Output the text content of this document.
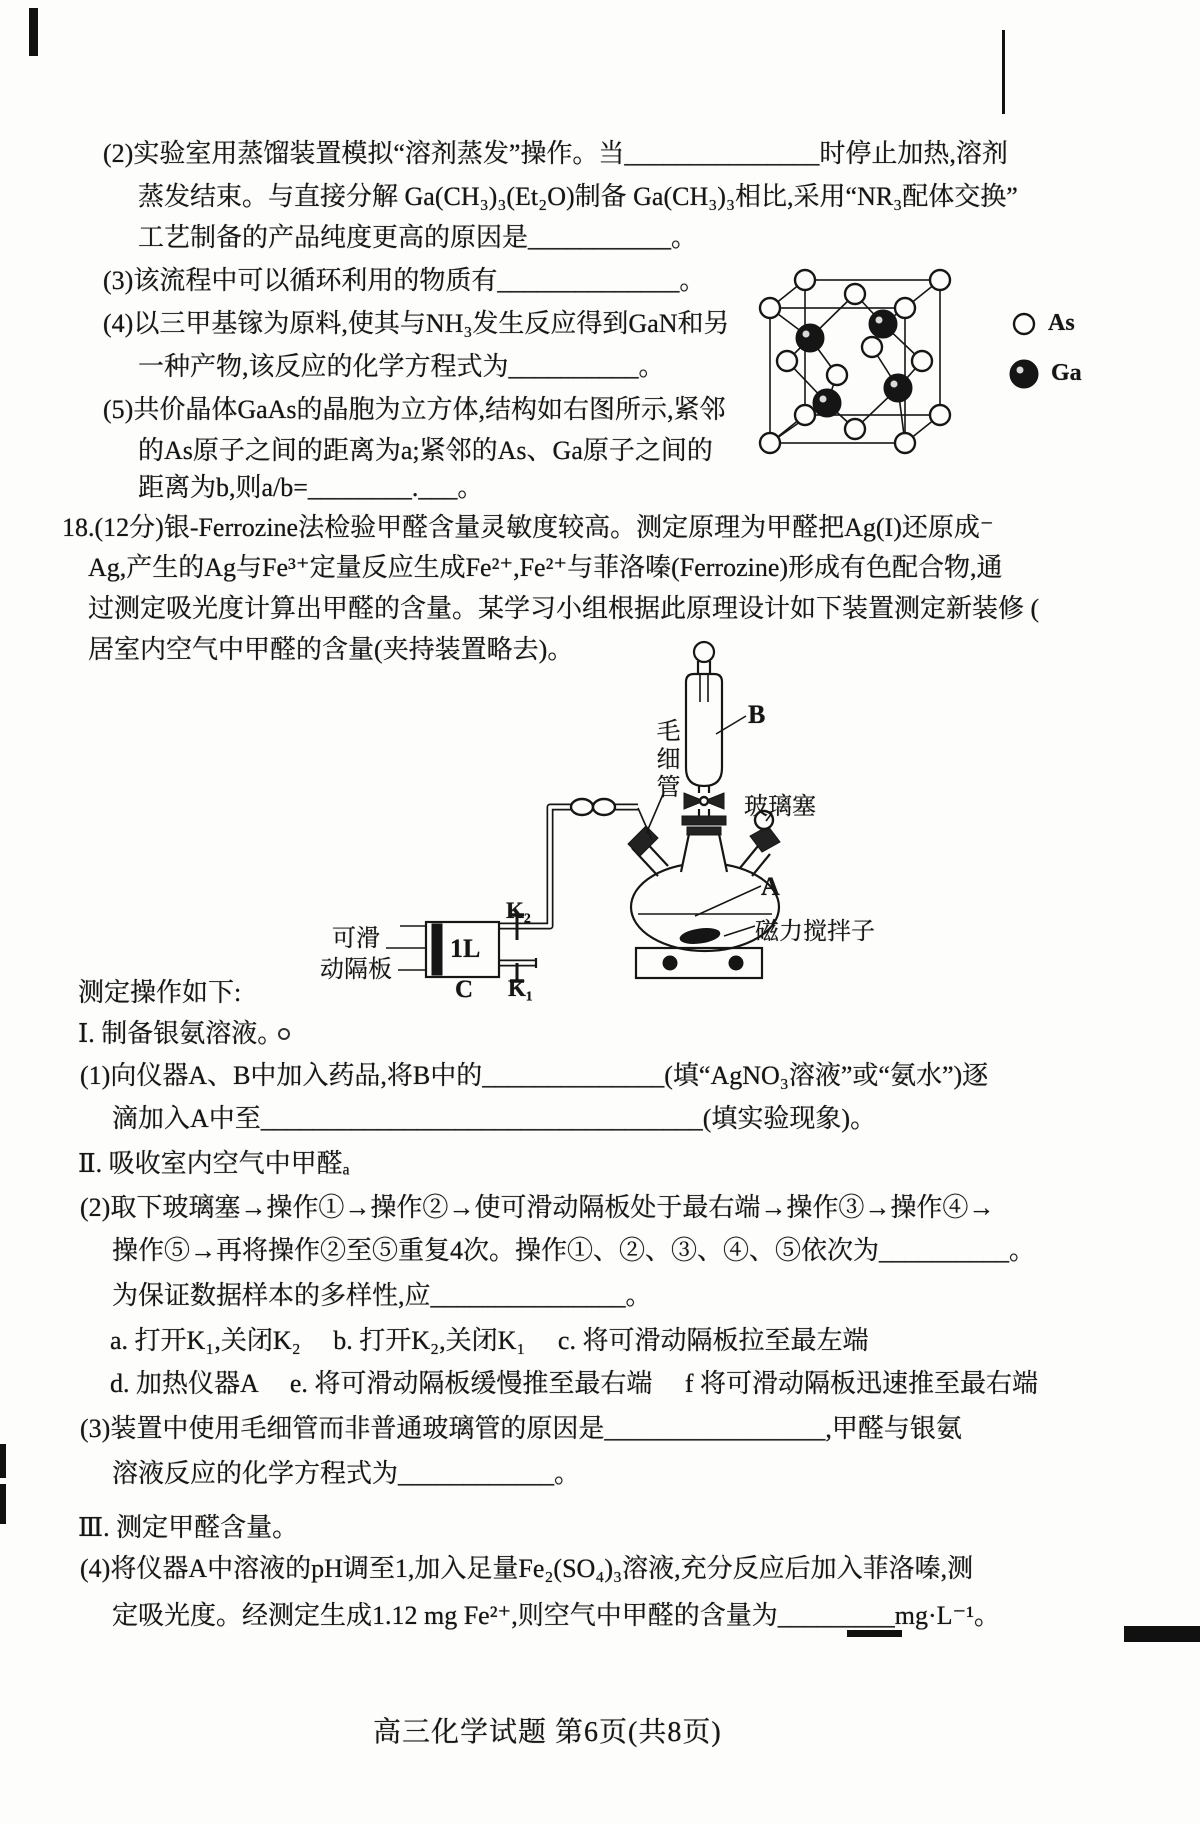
(2)实验室用蒸馏装置模拟“溶剂蒸发”操作。当_______________时停止加热,溶剂
蒸发结束。与直接分解 Ga(CH₃)₃(Et₂O)制备 Ga(CH₃)₃相比,采用“NR₃配体交换”
工艺制备的产品纯度更高的原因是___________。
(3)该流程中可以循环利用的物质有______________。
(4)以三甲基镓为原料,使其与NH₃发生反应得到GaN和另
一种产物,该反应的化学方程式为__________。
(5)共价晶体GaAs的晶胞为立方体,结构如右图所示,紧邻
的As原子之间的距离为a;紧邻的As、Ga原子之间的
距离为b,则a/b=________.___。
As
Ga
18.(12分)银-Ferrozine法检验甲醛含量灵敏度较高。测定原理为甲醛把Ag(I)还原成⁻
Ag,产生的Ag与Fe³⁺定量反应生成Fe²⁺,Fe²⁺与菲洛嗪(Ferrozine)形成有色配合物,通
过测定吸光度计算出甲醛的含量。某学习小组根据此原理设计如下装置测定新装修 (
居室内空气中甲醛的含量(夹持装置略去)。
B
毛细管
玻璃塞
A
磁力搅拌子
可滑
动隔板
1L
C
K₂
K₁
测定操作如下:
Ⅰ. 制备银氨溶液。
(1)向仪器A、B中加入药品,将B中的______________(填“AgNO₃溶液”或“氨水”)逐
滴加入A中至__________________________________(填实验现象)。
Ⅱ. 吸收室内空气中甲醛ₐ
(2)取下玻璃塞→操作①→操作②→使可滑动隔板处于最右端→操作③→操作④→
操作⑤→再将操作②至⑤重复4次。操作①、②、③、④、⑤依次为__________。
为保证数据样本的多样性,应_______________。
a. 打开K₁,关闭K₂　 b. 打开K₂,关闭K₁　 c. 将可滑动隔板拉至最左端
d. 加热仪器A　 e. 将可滑动隔板缓慢推至最右端　 f 将可滑动隔板迅速推至最右端
(3)装置中使用毛细管而非普通玻璃管的原因是_________________,甲醛与银氨
溶液反应的化学方程式为____________。
Ⅲ. 测定甲醛含量。
(4)将仪器A中溶液的pH调至1,加入足量Fe₂(SO₄)₃溶液,充分反应后加入菲洛嗪,测
定吸光度。经测定生成1.12 mg Fe²⁺,则空气中甲醛的含量为_________mg·L⁻¹。
高三化学试题 第6页(共8页)
